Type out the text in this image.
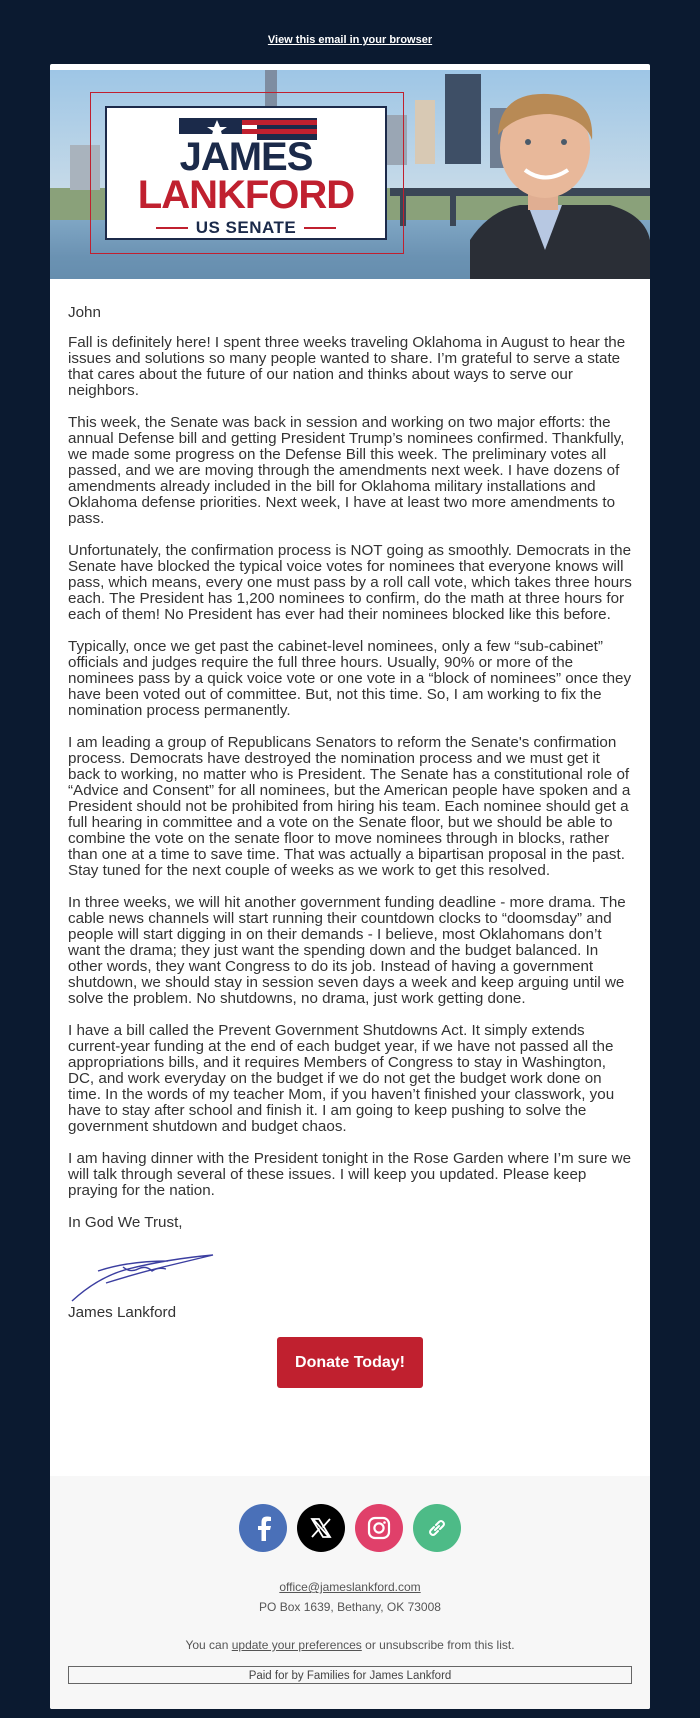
View this email in your browser
JAMES
LANKFORD
US SENATE

John

Fall is definitely here! I spent three weeks traveling Oklahoma in August to hear the issues and solutions so many people wanted to share. I’m grateful to serve a state that cares about the future of our nation and thinks about ways to serve our neighbors.

This week, the Senate was back in session and working on two major efforts: the annual Defense bill and getting President Trump’s nominees confirmed. Thankfully, we made some progress on the Defense Bill this week. The preliminary votes all passed, and we are moving through the amendments next week. I have dozens of amendments already included in the bill for Oklahoma military installations and Oklahoma defense priorities. Next week, I have at least two more amendments to pass.

Unfortunately, the confirmation process is NOT going as smoothly. Democrats in the Senate have blocked the typical voice votes for nominees that everyone knows will pass, which means, every one must pass by a roll call vote, which takes three hours each. The President has 1,200 nominees to confirm, do the math at three hours for each of them! No President has ever had their nominees blocked like this before.

Typically, once we get past the cabinet-level nominees, only a few “sub-cabinet” officials and judges require the full three hours. Usually, 90% or more of the nominees pass by a quick voice vote or one vote in a “block of nominees” once they have been voted out of committee. But, not this time. So, I am working to fix the nomination process permanently.

I am leading a group of Republicans Senators to reform the Senate's confirmation process. Democrats have destroyed the nomination process and we must get it back to working, no matter who is President. The Senate has a constitutional role of “Advice and Consent” for all nominees, but the American people have spoken and a President should not be prohibited from hiring his team. Each nominee should get a full hearing in committee and a vote on the Senate floor, but we should be able to combine the vote on the senate floor to move nominees through in blocks, rather than one at a time to save time. That was actually a bipartisan proposal in the past. Stay tuned for the next couple of weeks as we work to get this resolved.

In three weeks, we will hit another government funding deadline - more drama. The cable news channels will start running their countdown clocks to “doomsday” and people will start digging in on their demands - I believe, most Oklahomans don’t want the drama; they just want the spending down and the budget balanced. In other words, they want Congress to do its job. Instead of having a government shutdown, we should stay in session seven days a week and keep arguing until we solve the problem. No shutdowns, no drama, just work getting done.

I have a bill called the Prevent Government Shutdowns Act. It simply extends current-year funding at the end of each budget year, if we have not passed all the appropriations bills, and it requires Members of Congress to stay in Washington, DC, and work everyday on the budget if we do not get the budget work done on time. In the words of my teacher Mom, if you haven’t finished your classwork, you have to stay after school and finish it. I am going to keep pushing to solve the government shutdown and budget chaos.

I am having dinner with the President tonight in the Rose Garden where I’m sure we will talk through several of these issues. I will keep you updated. Please keep praying for the nation.

In God We Trust,

James Lankford

Donate Today!
office@jameslankford.com
PO Box 1639, Bethany, OK 73008
You can update your preferences or unsubscribe from this list.
Paid for by Families for James Lankford
